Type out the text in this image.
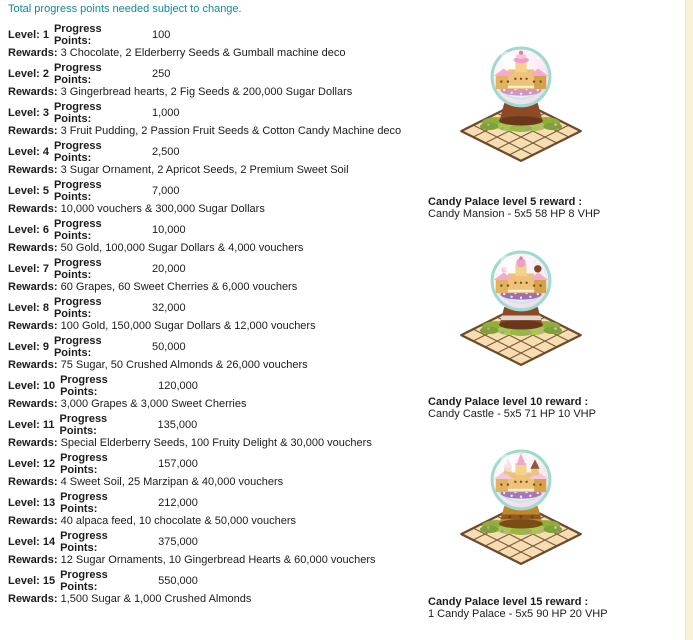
Total progress points needed subject to change.
Level: 1 Progress Points:	100
Rewards: 3 Chocolate, 2 Elderberry Seeds & Gumball machine deco
Level: 2 Progress Points:	250
Rewards: 3 Gingerbread hearts, 2 Fig Seeds & 200,000 Sugar Dollars
Level: 3 Progress Points:	1,000
Rewards: 3 Fruit Pudding, 2 Passion Fruit Seeds & Cotton Candy Machine deco
Level: 4 Progress Points:	2,500
Rewards: 3 Sugar Ornament, 2 Apricot Seeds, 2 Premium Sweet Soil
Level: 5 Progress Points:	7,000
Rewards: 10,000 vouchers & 300,000 Sugar Dollars
Level: 6 Progress Points:	10,000
Rewards: 50 Gold, 100,000 Sugar Dollars & 4,000 vouchers
Level: 7 Progress Points:	20,000
Rewards: 60 Grapes, 60 Sweet Cherries & 6,000 vouchers
Level: 8 Progress Points:	32,000
Rewards: 100 Gold, 150,000 Sugar Dollars & 12,000 vouchers
Level: 9 Progress Points:	50,000
Rewards: 75 Sugar, 50 Crushed Almonds & 26,000 vouchers
Level: 10 Progress Points:	120,000
Rewards: 3,000 Grapes & 3,000 Sweet Cherries
Level: 11 Progress Points:	135,000
Rewards: Special Elderberry Seeds, 100 Fruity Delight & 30,000 vouchers
Level: 12 Progress Points:	157,000
Rewards: 4 Sweet Soil, 25 Marzipan & 40,000 vouchers
Level: 13 Progress Points:	212,000
Rewards: 40 alpaca feed, 10 chocolate & 50,000 vouchers
Level: 14 Progress Points:	375,000
Rewards: 12 Sugar Ornaments, 10 Gingerbread Hearts & 60,000 vouchers
Level: 15 Progress Points:	550,000
Rewards: 1,500 Sugar & 1,000 Crushed Almonds
Candy Palace level 5 reward :
Candy Mansion - 5x5 58 HP 8 VHP
Candy Palace level 10 reward :
Candy Castle - 5x5 71 HP 10 VHP
Candy Palace level 15 reward :
1 Candy Palace - 5x5 90 HP 20 VHP
